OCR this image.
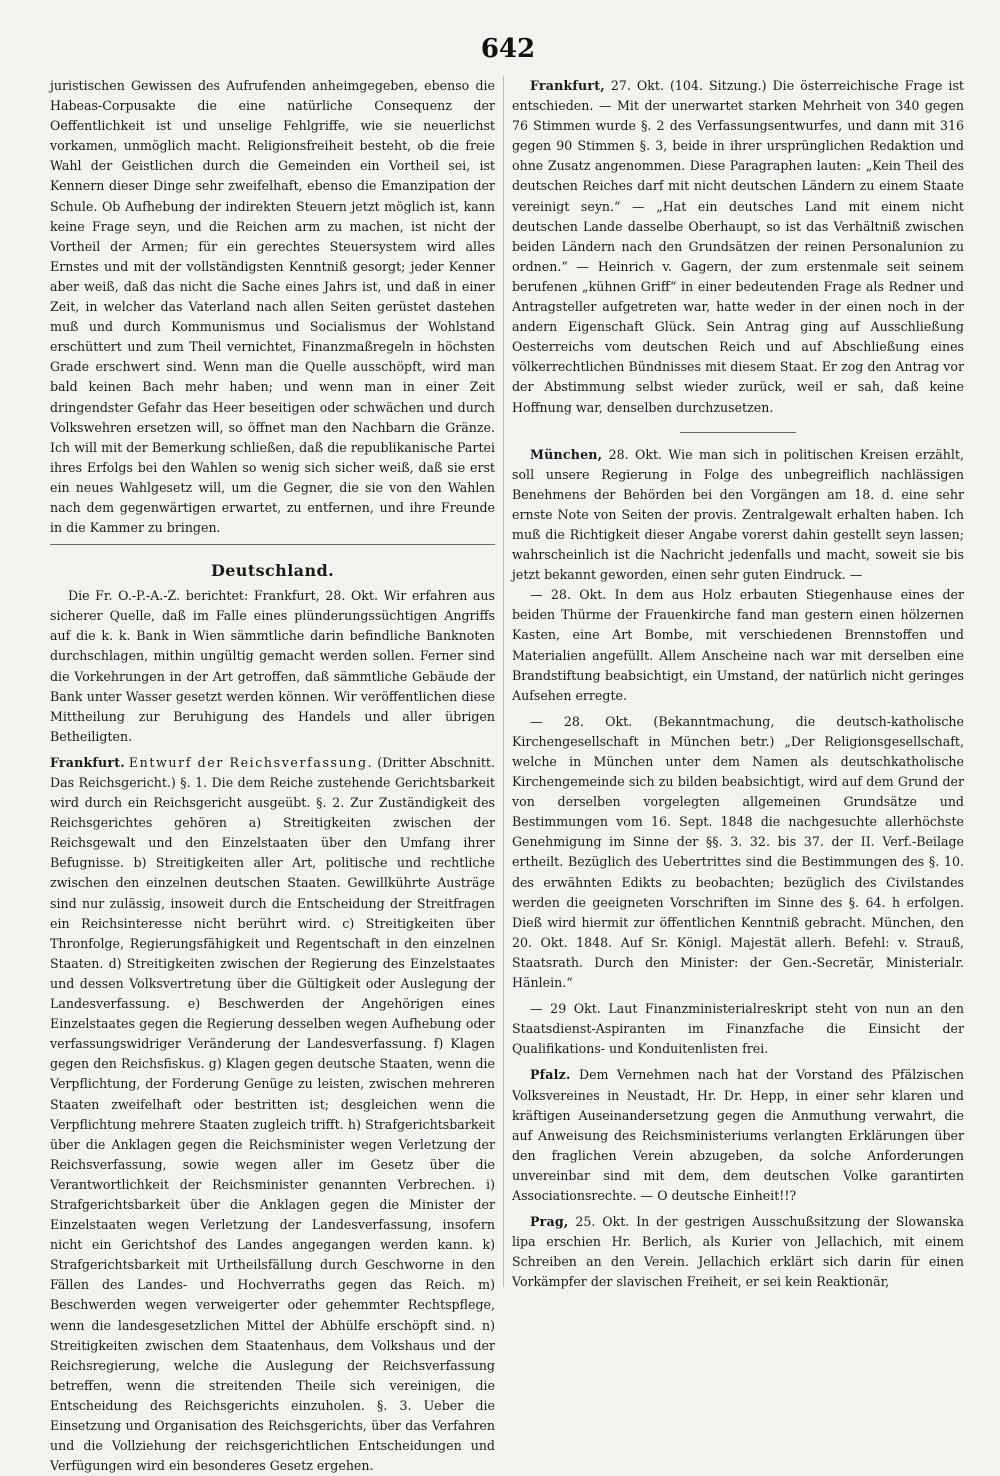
642

juristischen Gewissen des Aufrufenden anheimgegeben, ebenso die Habeas-Corpusakte die eine natürliche Consequenz der Oeffentlichkeit ist und unselige Fehlgriffe, wie sie neuerlichst vorkamen, unmöglich macht. Religionsfreiheit besteht, ob die freie Wahl der Geistlichen durch die Gemeinden ein Vortheil sei, ist Kennern dieser Dinge sehr zweifelhaft, ebenso die Emanzipation der Schule. Ob Aufhebung der indirekten Steuern jetzt möglich ist, kann keine Frage seyn, und die Reichen arm zu machen, ist nicht der Vortheil der Armen; für ein gerechtes Steuersystem wird alles Ernstes und mit der vollständigsten Kenntniß gesorgt; jeder Kenner aber weiß, daß das nicht die Sache eines Jahrs ist, und daß in einer Zeit, in welcher das Vaterland nach allen Seiten gerüstet dastehen muß und durch Kommunismus und Socialismus der Wohlstand erschüttert und zum Theil vernichtet, Finanzmaßregeln in höchsten Grade erschwert sind. Wenn man die Quelle ausschöpft, wird man bald keinen Bach mehr haben; und wenn man in einer Zeit dringendster Gefahr das Heer beseitigen oder schwächen und durch Volkswehren ersetzen will, so öffnet man den Nachbarn die Gränze. Ich will mit der Bemerkung schließen, daß die republikanische Partei ihres Erfolgs bei den Wahlen so wenig sich sicher weiß, daß sie erst ein neues Wahlgesetz will, um die Gegner, die sie von den Wahlen nach dem gegenwärtigen erwartet, zu entfernen, und ihre Freunde in die Kammer zu bringen.

Deutschland.

Die Fr. O.-P.-A.-Z. berichtet: Frankfurt, 28. Okt. Wir erfahren aus sicherer Quelle, daß im Falle eines plünderungssüchtigen Angriffs auf die k. k. Bank in Wien sämmtliche darin befindliche Banknoten durchschlagen, mithin ungültig gemacht werden sollen. Ferner sind die Vorkehrungen in der Art getroffen, daß sämmtliche Gebäude der Bank unter Wasser gesetzt werden können. Wir veröffentlichen diese Mittheilung zur Beruhigung des Handels und aller übrigen Betheiligten.

Frankfurt. Entwurf der Reichsverfassung. (Dritter Abschnitt. Das Reichsgericht.) §. 1. Die dem Reiche zustehende Gerichtsbarkeit wird durch ein Reichsgericht ausgeübt. §. 2. Zur Zuständigkeit des Reichsgerichtes gehören a) Streitigkeiten zwischen der Reichsgewalt und den Einzelstaaten über den Umfang ihrer Befugnisse. b) Streitigkeiten aller Art, politische und rechtliche zwischen den einzelnen deutschen Staaten. Gewillkührte Austräge sind nur zulässig, insoweit durch die Entscheidung der Streitfragen ein Reichsinteresse nicht berührt wird. c) Streitigkeiten über Thronfolge, Regierungsfähigkeit und Regentschaft in den einzelnen Staaten. d) Streitigkeiten zwischen der Regierung des Einzelstaates und dessen Volksvertretung über die Gültigkeit oder Auslegung der Landesverfassung. e) Beschwerden der Angehörigen eines Einzelstaates gegen die Regierung desselben wegen Aufhebung oder verfassungswidriger Veränderung der Landesverfassung. f) Klagen gegen den Reichsfiskus. g) Klagen gegen deutsche Staaten, wenn die Verpflichtung, der Forderung Genüge zu leisten, zwischen mehreren Staaten zweifelhaft oder bestritten ist; desgleichen wenn die Verpflichtung mehrere Staaten zugleich trifft. h) Strafgerichtsbarkeit über die Anklagen gegen die Reichsminister wegen Verletzung der Reichsverfassung, sowie wegen aller im Gesetz über die Verantwortlichkeit der Reichsminister genannten Verbrechen. i) Strafgerichtsbarkeit über die Anklagen gegen die Minister der Einzelstaaten wegen Verletzung der Landesverfassung, insofern nicht ein Gerichtshof des Landes angegangen werden kann. k) Strafgerichtsbarkeit mit Urtheilsfällung durch Geschworne in den Fällen des Landes- und Hochverraths gegen das Reich. m) Beschwerden wegen verweigerter oder gehemmter Rechtspflege, wenn die landesgesetzlichen Mittel der Abhülfe erschöpft sind. n) Streitigkeiten zwischen dem Staatenhaus, dem Volkshaus und der Reichsregierung, welche die Auslegung der Reichsverfassung betreffen, wenn die streitenden Theile sich vereinigen, die Entscheidung des Reichsgerichts einzuholen. §. 3. Ueber die Einsetzung und Organisation des Reichsgerichts, über das Verfahren und die Vollziehung der reichsgerichtlichen Entscheidungen und Verfügungen wird ein besonderes Gesetz ergehen.

Frankfurt, 27. Okt. (104. Sitzung.) Die österreichische Frage ist entschieden. — Mit der unerwartet starken Mehrheit von 340 gegen 76 Stimmen wurde §. 2 des Verfassungsentwurfes, und dann mit 316 gegen 90 Stimmen §. 3, beide in ihrer ursprünglichen Redaktion und ohne Zusatz angenommen. Diese Paragraphen lauten: „Kein Theil des deutschen Reiches darf mit nicht deutschen Ländern zu einem Staate vereinigt seyn.“ — „Hat ein deutsches Land mit einem nicht deutschen Lande dasselbe Oberhaupt, so ist das Verhältniß zwischen beiden Ländern nach den Grundsätzen der reinen Personalunion zu ordnen.“ — Heinrich v. Gagern, der zum erstenmale seit seinem berufenen „kühnen Griff“ in einer bedeutenden Frage als Redner und Antragsteller aufgetreten war, hatte weder in der einen noch in der andern Eigenschaft Glück. Sein Antrag ging auf Ausschließung Oesterreichs vom deutschen Reich und auf Abschließung eines völkerrechtlichen Bündnisses mit diesem Staat. Er zog den Antrag vor der Abstimmung selbst wieder zurück, weil er sah, daß keine Hoffnung war, denselben durchzusetzen.

München, 28. Okt. Wie man sich in politischen Kreisen erzählt, soll unsere Regierung in Folge des unbegreiflich nachlässigen Benehmens der Behörden bei den Vorgängen am 18. d. eine sehr ernste Note von Seiten der provis. Zentralgewalt erhalten haben. Ich muß die Richtigkeit dieser Angabe vorerst dahin gestellt seyn lassen; wahrscheinlich ist die Nachricht jedenfalls und macht, soweit sie bis jetzt bekannt geworden, einen sehr guten Eindruck. —

— 28. Okt. In dem aus Holz erbauten Stiegenhause eines der beiden Thürme der Frauenkirche fand man gestern einen hölzernen Kasten, eine Art Bombe, mit verschiedenen Brennstoffen und Materialien angefüllt. Allem Anscheine nach war mit derselben eine Brandstiftung beabsichtigt, ein Umstand, der natürlich nicht geringes Aufsehen erregte.

— 28. Okt. (Bekanntmachung, die deutsch-katholische Kirchengesellschaft in München betr.) „Der Religionsgesellschaft, welche in München unter dem Namen als deutschkatholische Kirchengemeinde sich zu bilden beabsichtigt, wird auf dem Grund der von derselben vorgelegten allgemeinen Grundsätze und Bestimmungen vom 16. Sept. 1848 die nachgesuchte allerhöchste Genehmigung im Sinne der §§. 3. 32. bis 37. der II. Verf.-Beilage ertheilt. Bezüglich des Uebertrittes sind die Bestimmungen des §. 10. des erwähnten Edikts zu beobachten; bezüglich des Civilstandes werden die geeigneten Vorschriften im Sinne des §. 64. h erfolgen. Dieß wird hiermit zur öffentlichen Kenntniß gebracht. München, den 20. Okt. 1848. Auf Sr. Königl. Majestät allerh. Befehl: v. Strauß, Staatsrath. Durch den Minister: der Gen.-Secretär, Ministerialr. Hänlein.“

— 29 Okt. Laut Finanzministerialreskript steht von nun an den Staatsdienst-Aspiranten im Finanzfache die Einsicht der Qualifikations- und Konduitenlisten frei.

Pfalz. Dem Vernehmen nach hat der Vorstand des Pfälzischen Volksvereines in Neustadt, Hr. Dr. Hepp, in einer sehr klaren und kräftigen Auseinandersetzung gegen die Anmuthung verwahrt, die auf Anweisung des Reichsministeriums verlangten Erklärungen über den fraglichen Verein abzugeben, da solche Anforderungen unvereinbar sind mit dem, dem deutschen Volke garantirten Associationsrechte. — O deutsche Einheit!!?

Prag, 25. Okt. In der gestrigen Ausschußsitzung der Slowanska lipa erschien Hr. Berlich, als Kurier von Jellachich, mit einem Schreiben an den Verein. Jellachich erklärt sich darin für einen Vorkämpfer der slavischen Freiheit, er sei kein Reaktionär,
